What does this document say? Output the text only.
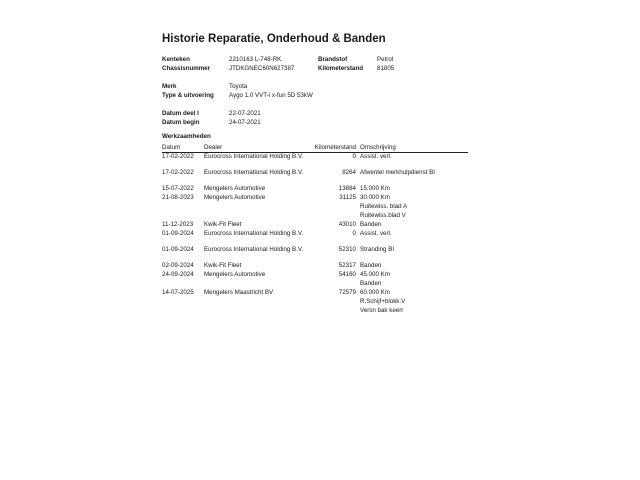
Historie Reparatie, Onderhoud & Banden
Kenteken	2210163 L-748-RK
Chassisnummer	JTDKGNEC60N627387
Brandstof	Petrol
Kilometerstand 81805
Merk	Toyota
Type & uitvoering Aygo 1.0 VVT-i x-fun 5D 53kW
Datum deel I	22-07-2021
Datum begin	24-07-2021
Werkzaamheden
Datum	Dealer	Kilometerstand Omschrijving
17-02-2022 Eurocross International Holding B.V.	0 Assist. verl.
17-02-2022 Eurocross International Holding B.V.	8264 Afwentel merkhulpdienst BI
15-07-2022 Mengelers Automotive	13884 15.000 Km
21-08-2023 Mengelers Automotive	31125 30.000 Km
Ruitewiss. blad A
Ruitewiss.blad V
11-12-2023 Kwik-Fit Fleet	43010 Banden
01-09-2024 Eurocross International Holding B.V.	0 Assist. verl.
01-09-2024 Eurocross International Holding B.V.	52310 Stranding BI
02-09-2024 Kwik-Fit Fleet	52317 Banden
24-09-2024 Mengelers Automotive	54160 45.000 Km
Banden
14-07-2025 Mengelers Maastricht BV	72579 60.000 Km
R.Schijf+blokk.V
Versn bak keerr
